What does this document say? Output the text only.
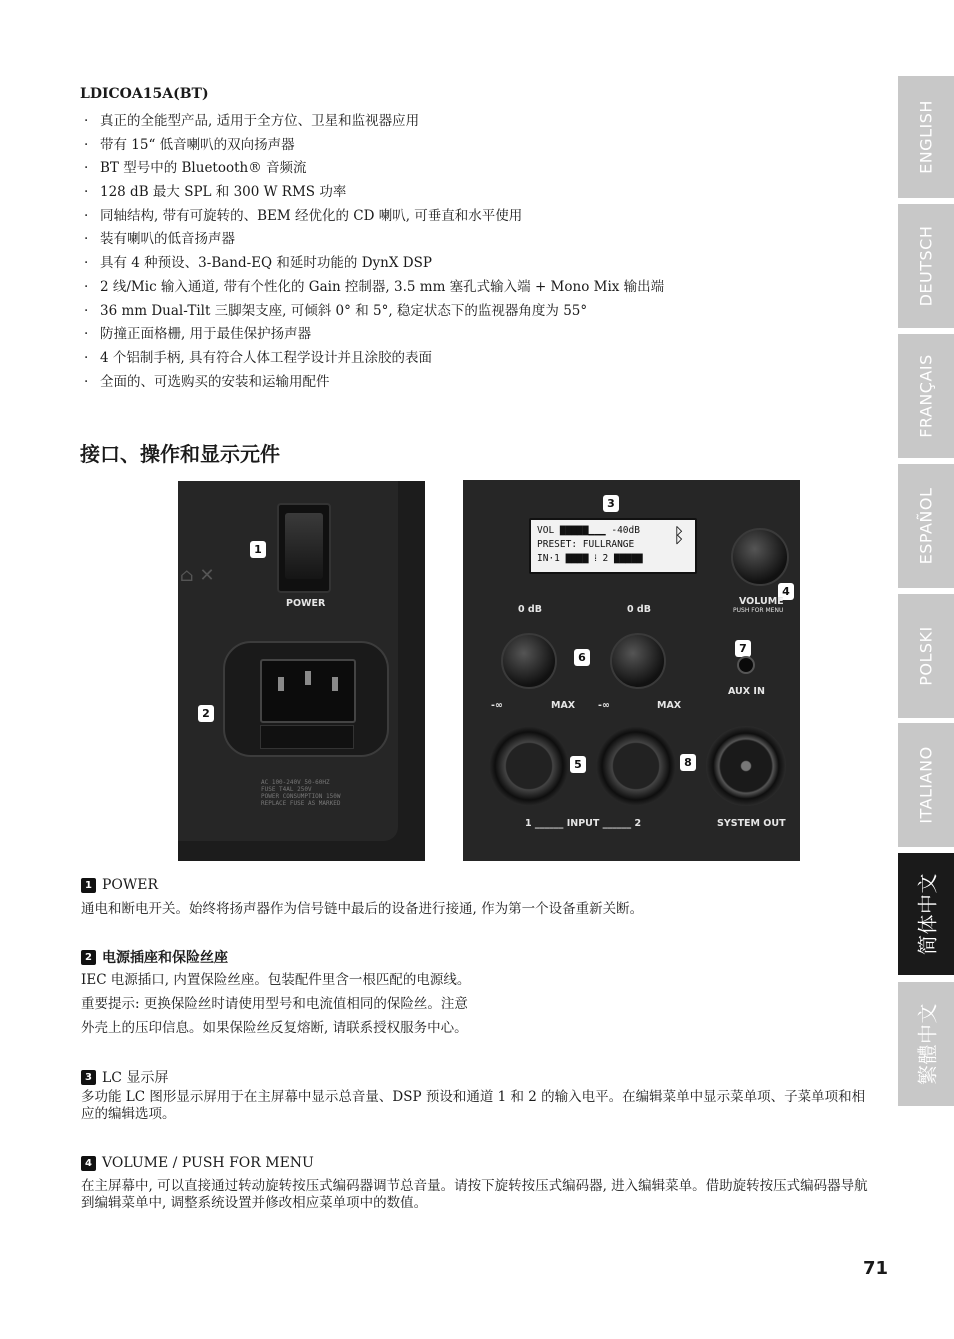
LDICOA15A(BT)
· 真正的全能型产品, 适用于全方位、卫星和监视器应用
· 带有 15“ 低音喇叭的双向扬声器
· BT 型号中的 Bluetooth® 音频流
· 128 dB 最大 SPL 和 300 W RMS 功率
· 同轴结构, 带有可旋转的、BEM 经优化的 CD 喇叭, 可垂直和水平使用
· 装有喇叭的低音扬声器
· 具有 4 种预设、3-Band-EQ 和延时功能的 DynX DSP
· 2 线/Mic 输入通道, 带有个性化的 Gain 控制器, 3.5 mm 塞孔式输入端 + Mono Mix 输出端
· 36 mm Dual-Tilt 三脚架支座, 可倾斜 0° 和 5°, 稳定状态下的监视器角度为 55°
· 防撞正面格栅, 用于最佳保护扬声器
· 4 个铝制手柄, 具有符合人体工程学设计并且涂胶的表面
· 全面的、可选购买的安装和运输用配件
接口、操作和显示元件
1
POWER
⌂ ✕
2
AC 100-240V 50-60HZ
FUSE T4AL 250V
POWER CONSUMPTION 150W
REPLACE FUSE AS MARKED
3
VOL ▇▇▇▇▇▁▁▁ -40dB
PRESET: FULLRANGE
IN·1 ▇▇▇▇ ⁞ 2 ▇▇▇▇▇
ᛒ
4
VOLUME
PUSH FOR MENU
0 dB
-∞	MAX
6
0 dB
-∞	MAX
7
AUX IN
5	8
1 ______ INPUT ______ 2	SYSTEM OUT
1 POWER
通电和断电开关。始终将扬声器作为信号链中最后的设备进行接通, 作为第一个设备重新关断。
2 电源插座和保险丝座
IEC 电源插口, 内置保险丝座。包装配件里含一根匹配的电源线。
重要提示: 更换保险丝时请使用型号和电流值相同的保险丝。注意
外壳上的压印信息。如果保险丝反复熔断, 请联系授权服务中心。
3 LC 显示屏
多功能 LC 图形显示屏用于在主屏幕中显示总音量、DSP 预设和通道 1 和 2 的输入电平。在编辑菜单中显示菜单项、子菜单项和相应的编辑选项。
4 VOLUME / PUSH FOR MENU
在主屏幕中, 可以直接通过转动旋转按压式编码器调节总音量。请按下旋转按压式编码器, 进入编辑菜单。借助旋转按压式编码器导航到编辑菜单中, 调整系统设置并修改相应菜单项中的数值。
ENGLISH
DEUTSCH
FRANÇAIS
ESPAÑOL
POLSKI
ITALIANO
简体中文
繁體中文
71
